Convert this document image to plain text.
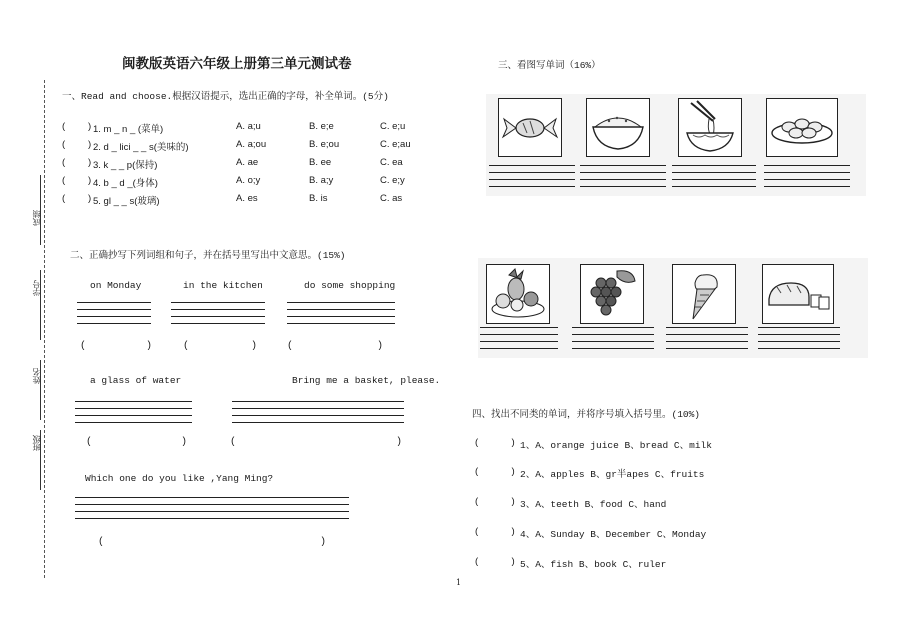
成绩
学号
姓名
班级
闽教版英语六年级上册第三单元测试卷
一、Read and choose.根据汉语提示，选出正确的字母，补全单词。(5分)
( ) 1. m _ n _ (菜单)	A. a;u	B. e;e	C. e;u
( ) 2. d _ lici _ _ s(美味的)	A. a;ou	B. e;ou	C. e;au
( ) 3. k _ _ p(保持)	A. ae	B. ee	C. ea
( ) 4. b _ d _(身体)	A. o;y	B. a;y	C. e;y
( ) 5. gl _ _ s(玻璃)	A. es	B. is	C. as
二、正确抄写下列词组和句子，并在括号里写出中文意思。(15%)
on Monday	in the kitchen	do some shopping
(	)	(	)	(	)
a glass of water	Bring me a basket, please.
(	)	(	)
Which one do you like ,Yang Ming?
(	)
三、看图写单词（16%）
四、找出不同类的单词，并将序号填入括号里。(10%)
(	) 1、A、orange juice B、bread C、milk
(	) 2、A、apples B、gr半apes C、fruits
(	) 3、A、teeth B、food C、hand
(	) 4、A、Sunday B、December C、Monday
(	) 5、A、fish B、book C、ruler
1
